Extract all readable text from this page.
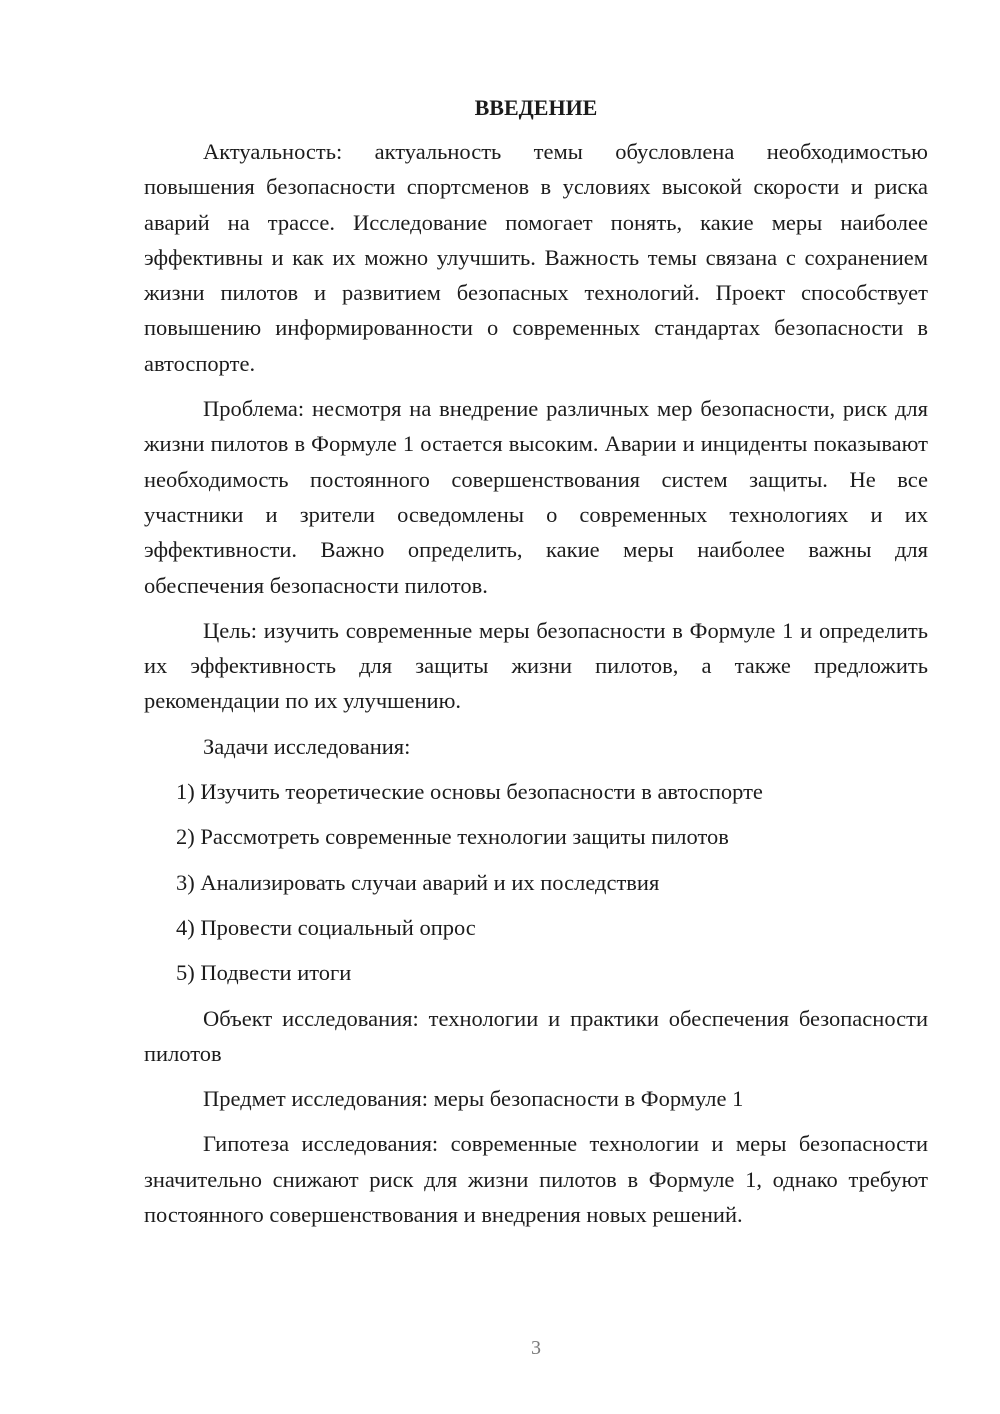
ВВЕДЕНИЕ

Актуальность: актуальность темы обусловлена необходимостью повышения безопасности спортсменов в условиях высокой скорости и риска аварий на трассе. Исследование помогает понять, какие меры наиболее эффективны и как их можно улучшить. Важность темы связана с сохранением жизни пилотов и развитием безопасных технологий. Проект способствует повышению информированности о современных стандартах безопасности в автоспорте.

Проблема: несмотря на внедрение различных мер безопасности, риск для жизни пилотов в Формуле 1 остается высоким. Аварии и инциденты показывают необходимость постоянного совершенствования систем защиты. Не все участники и зрители осведомлены о современных технологиях и их эффективности. Важно определить, какие меры наиболее важны для обеспечения безопасности пилотов.

Цель: изучить современные меры безопасности в Формуле 1 и определить их эффективность для защиты жизни пилотов, а также предложить рекомендации по их улучшению.

Задачи исследования:

1) Изучить теоретические основы безопасности в автоспорте
2) Рассмотреть современные технологии защиты пилотов
3) Анализировать случаи аварий и их последствия
4) Провести социальный опрос
5) Подвести итоги

Объект исследования: технологии и практики обеспечения безопасности пилотов

Предмет исследования: меры безопасности в Формуле 1

Гипотеза исследования: современные технологии и меры безопасности значительно снижают риск для жизни пилотов в Формуле 1, однако требуют постоянного совершенствования и внедрения новых решений.

3
